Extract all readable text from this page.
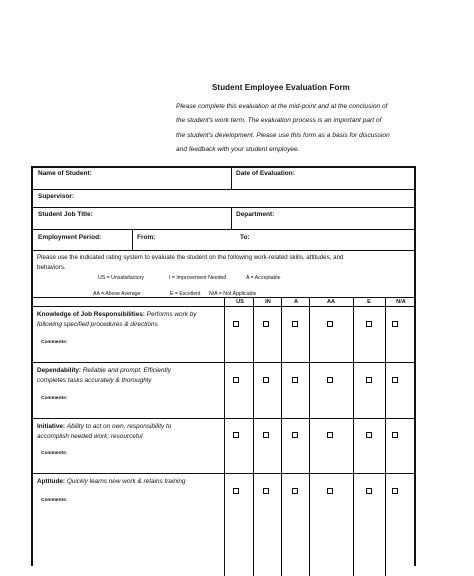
Student Employee Evaluation Form
Please complete this evaluation at the mid-point and at the conclusion of
the student's work term. The evaluation process is an important part of
the student's development. Please use this form as a basis for discussion
and feedback with your student employee.
Name of Student:	Date of Evaluation:
Supervisor:
Student Job Title:	Department:
Employment Period:	From:	To:
Please use the indicated rating system to evaluate the student on the following work-related skills, attitudes, and
behaviors.
US = Unsatisfactory	I = Improvement Needed	A = Acceptable
AA = Above Average	E = Excellent N/A = Not Applicable
US	IN	A	AA	E	N/A
Knowledge of Job Responsibilities: Performs work by
following specified procedures & directions
Comments:
Dependability: Reliable and prompt. Efficiently
completes tasks accurately & thoroughly
Comments:
Initiative: Ability to act on own, responsibility to
accomplish needed work; resourceful
Comments:
Aptitude: Quickly learns new work & retains training
Comments:
